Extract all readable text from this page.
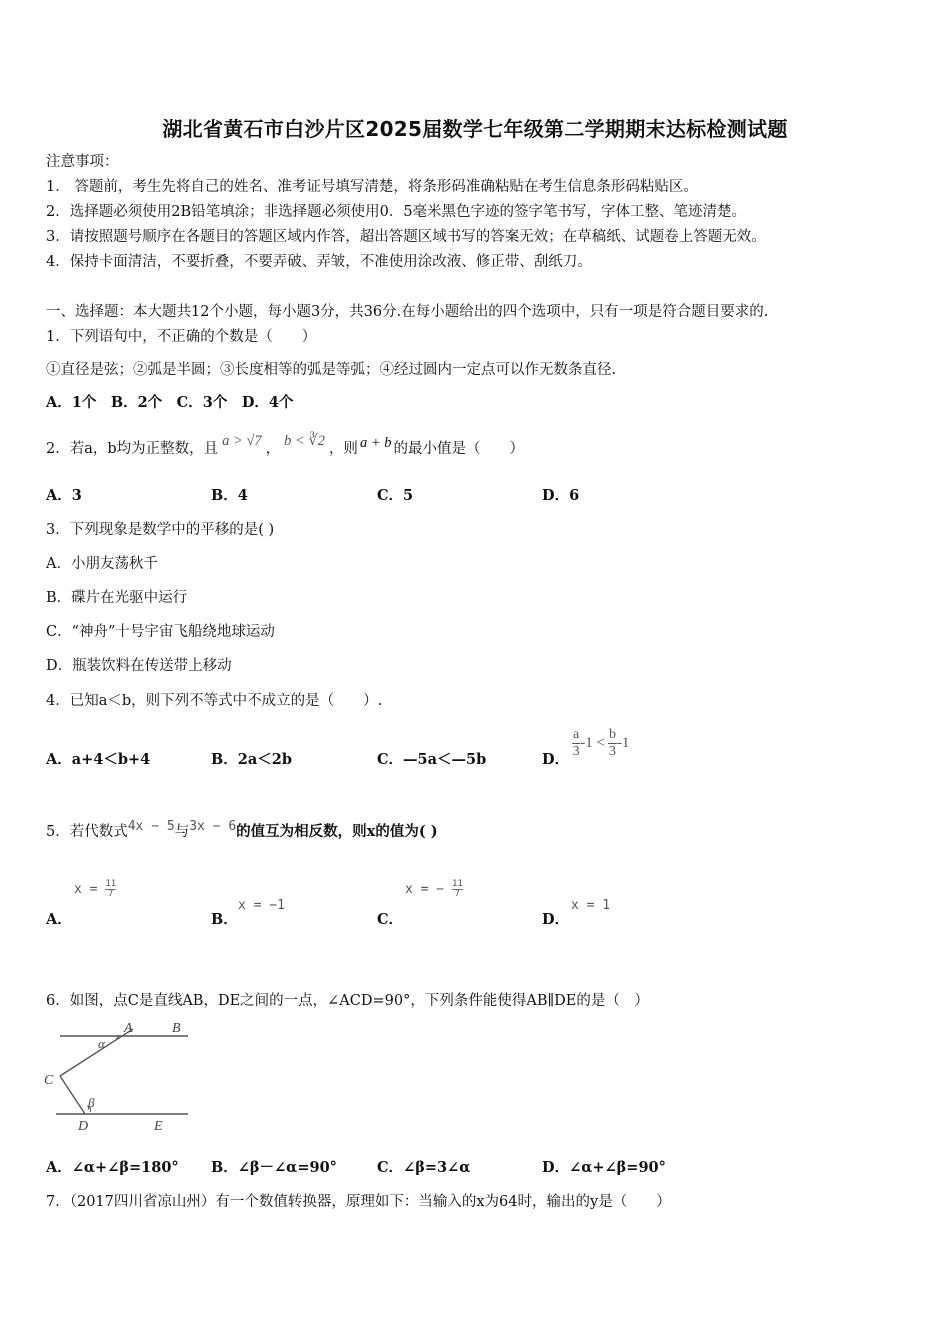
湖北省黄石市白沙片区2025届数学七年级第二学期期末达标检测试题
注意事项：
1． 答题前，考生先将自己的姓名、准考证号填写清楚，将条形码准确粘贴在考生信息条形码粘贴区。
2．选择题必须使用2B铅笔填涂；非选择题必须使用0．5毫米黑色字迹的签字笔书写，字体工整、笔迹清楚。
3．请按照题号顺序在各题目的答题区域内作答，超出答题区域书写的答案无效；在草稿纸、试题卷上答题无效。
4．保持卡面清洁，不要折叠，不要弄破、弄皱，不准使用涂改液、修正带、刮纸刀。
一、选择题：本大题共12个小题，每小题3分，共36分.在每小题给出的四个选项中，只有一项是符合题目要求的.
1．下列语句中，不正确的个数是（　　）
①直径是弦；②弧是半圆；③长度相等的弧是等弧；④经过圆内一定点可以作无数条直径.
A．1个　B．2个　C．3个　D．4个
2．若a，b均为正整数，且 a > √7 ， b < ∛2 ，则 a + b 的最小值是（　　）
A．3	B．4	C．5	D．6
3．下列现象是数学中的平移的是( )
A．小朋友荡秋千
B．碟片在光驱中运行
C．“神舟”十号宇宙飞船绕地球运动
D．瓶装饮料在传送带上移动
4．已知a＜b，则下列不等式中不成立的是（　　）.
A．a+4＜b+4	B．2a＜2b	C．—5a＜—5b	D． $\frac{a}{3} -1 < \frac{b}{3} -1$
5．若代数式4x − 5与3x − 6的值互为相反数，则x的值为( )
A．
$x = \frac{11}{7}$
B．
x = −1
C．
x = − $\frac{11}{7}$
D．
x = 1
6．如图，点C是直线AB，DE之间的一点，∠ACD=90°，下列条件能使得AB∥DE的是（　）
A	B
C
D	E
α
β
A．∠α+∠β=180° B．∠β－∠α=90°	C．∠β=3∠α	D．∠α+∠β=90°
7．（2017四川省凉山州）有一个数值转换器，原理如下：当输入的x为64时，输出的y是（　　）
